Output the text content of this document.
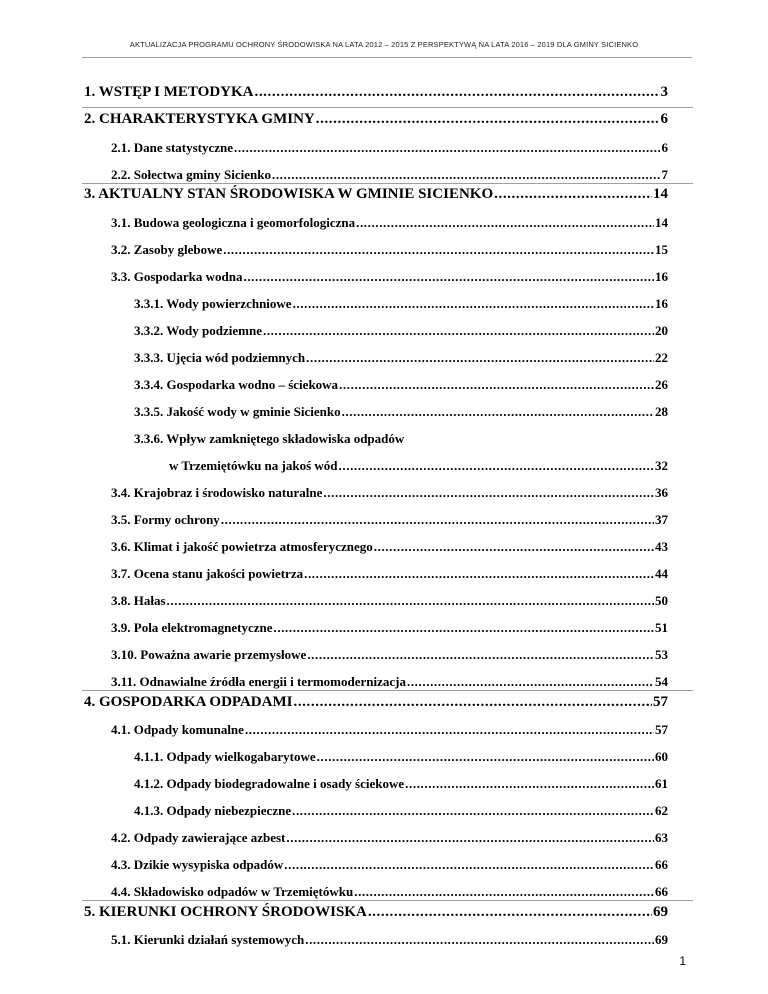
AKTUALIZACJA PROGRAMU OCHRONY ŚRODOWISKA NA LATA 2012 – 2015 Z PERSPEKTYWĄ NA LATA 2016 – 2019 DLA GMINY SICIENKO
1. WSTĘP I METODYKA .....	3
2. CHARAKTERYSTYKA GMINY .....	6
2.1. Dane statystyczne .....	6
2.2. Sołectwa gminy Sicienko .....	7
3. AKTUALNY STAN ŚRODOWISKA W GMINIE SICIENKO .....	14
3.1. Budowa geologiczna i geomorfologiczna .....	14
3.2. Zasoby glebowe .....	15
3.3. Gospodarka wodna .....	16
3.3.1. Wody powierzchniowe .....	16
3.3.2. Wody podziemne .....	20
3.3.3. Ujęcia wód podziemnych .....	22
3.3.4. Gospodarka wodno – ściekowa .....	26
3.3.5. Jakość wody w gminie Sicienko .....	28
3.3.6. Wpływ zamkniętego składowiska odpadów
w Trzemiętówku na jakoś wód .....	32
3.4. Krajobraz i środowisko naturalne .....	36
3.5. Formy ochrony .....	37
3.6. Klimat i jakość powietrza atmosferycznego .....	43
3.7. Ocena stanu jakości powietrza .....	44
3.8. Hałas .....	50
3.9. Pola elektromagnetyczne .....	51
3.10. Poważna awarie przemysłowe .....	53
3.11. Odnawialne źródła energii i termomodernizacja .....	54
4. GOSPODARKA ODPADAMI .....	57
4.1. Odpady komunalne .....	57
4.1.1. Odpady wielkogabarytowe .....	60
4.1.2. Odpady biodegradowalne i osady ściekowe .....	61
4.1.3. Odpady niebezpieczne .....	62
4.2. Odpady zawierające azbest .....	63
4.3. Dzikie wysypiska odpadów .....	66
4.4. Składowisko odpadów w Trzemiętówku .....	66
5. KIERUNKI OCHRONY ŚRODOWISKA .....	69
5.1. Kierunki działań systemowych .....	69
1
